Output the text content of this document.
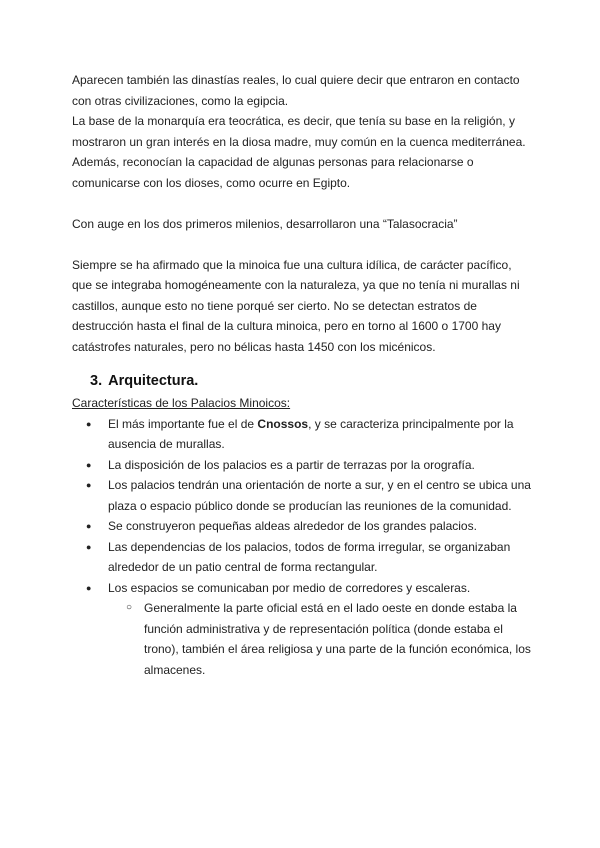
Aparecen también las dinastías reales, lo cual quiere decir que entraron en contacto con otras civilizaciones, como la egipcia.

La base de la monarquía era teocrática, es decir, que tenía su base en la religión, y mostraron un gran interés en la diosa madre, muy común en la cuenca mediterránea. Además, reconocían la capacidad de algunas personas para relacionarse o comunicarse con los dioses, como ocurre en Egipto.

Con auge en los dos primeros milenios, desarrollaron una “Talasocracia”

Siempre se ha afirmado que la minoica fue una cultura idílica, de carácter pacífico, que se integraba homogéneamente con la naturaleza, ya que no tenía ni murallas ni castillos, aunque esto no tiene porqué ser cierto. No se detectan estratos de destrucción hasta el final de la cultura minoica, pero en torno al 1600 o 1700 hay catástrofes naturales, pero no bélicas hasta 1450 con los micénicos.

3. Arquitectura.

Características de los Palacios Minoicos:

● El más importante fue el de Cnossos, y se caracteriza principalmente por la ausencia de murallas.
● La disposición de los palacios es a partir de terrazas por la orografía.
● Los palacios tendrán una orientación de norte a sur, y en el centro se ubica una plaza o espacio público donde se producían las reuniones de la comunidad.
● Se construyeron pequeñas aldeas alrededor de los grandes palacios.
● Las dependencias de los palacios, todos de forma irregular, se organizaban alrededor de un patio central de forma rectangular.
● Los espacios se comunicaban por medio de corredores y escaleras.
○ Generalmente la parte oficial está en el lado oeste en donde estaba la función administrativa y de representación política (donde estaba el trono), también el área religiosa y una parte de la función económica, los almacenes.
